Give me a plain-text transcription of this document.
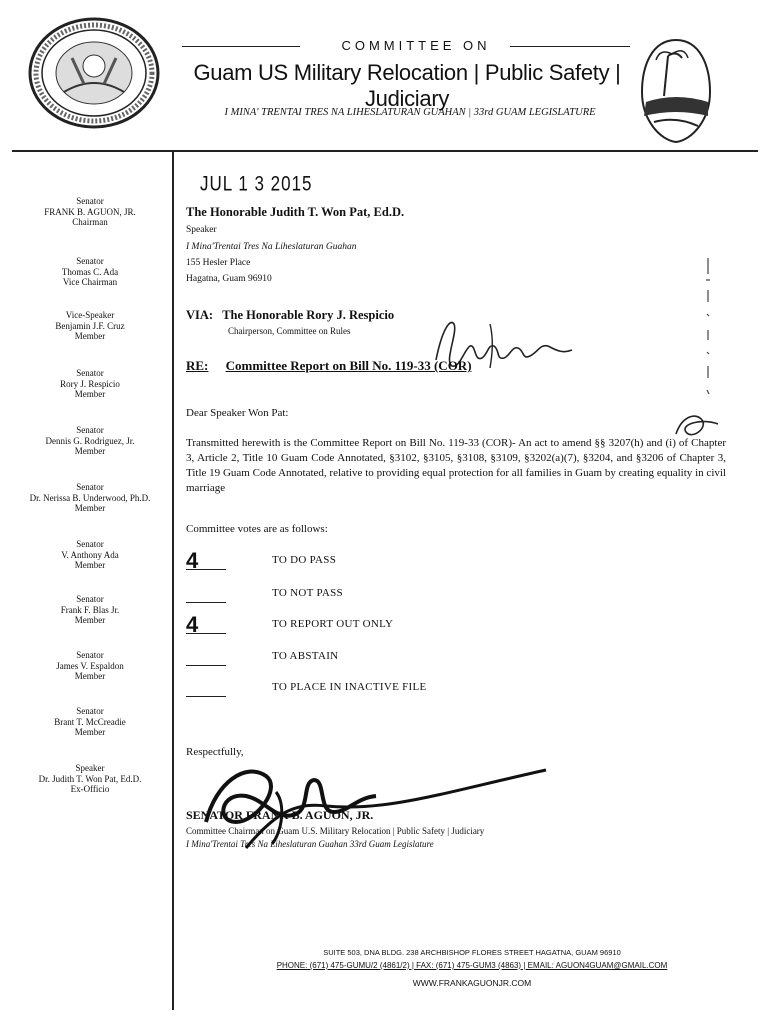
COMMITTEE ON
Guam US Military Relocation | Public Safety | Judiciary
I MINA' TRENTAI TRES NA LIHESLATURAN GUAHAN | 33rd GUAM LEGISLATURE
Senator
FRANK B. AGUON, JR.
Chairman
Senator
Thomas C. Ada
Vice Chairman
Vice-Speaker
Benjamin J.F. Cruz
Member
Senator
Rory J. Respicio
Member
Senator
Dennis G. Rodriguez, Jr.
Member
Senator
Dr. Nerissa B. Underwood, Ph.D.
Member
Senator
V. Anthony Ada
Member
Senator
Frank F. Blas Jr.
Member
Senator
James V. Espaldon
Member
Senator
Brant T. McCreadie
Member
Speaker
Dr. Judith T. Won Pat, Ed.D.
Ex-Officio
JUL 1 3 2015
The Honorable Judith T. Won Pat, Ed.D.
Speaker
I Mina'Trentai Tres Na Liheslaturan Guahan
155 Hesler Place
Hagatna, Guam 96910
VIA: The Honorable Rory J. Respicio
Chairperson, Committee on Rules
RE: Committee Report on Bill No. 119-33 (COR)
Dear Speaker Won Pat:
Transmitted herewith is the Committee Report on Bill No. 119-33 (COR)- An act to amend §§ 3207(h) and (i) of Chapter 3, Article 2, Title 10 Guam Code Annotated, §3102, §3105, §3108, §3109, §3202(a)(7), §3204, and §3206 of Chapter 3, Title 19 Guam Code Annotated, relative to providing equal protection for all families in Guam by creating equality in civil marriage
Committee votes are as follows:
4	TO DO PASS
TO NOT PASS
4	TO REPORT OUT ONLY
TO ABSTAIN
TO PLACE IN INACTIVE FILE
Respectfully,
SENATOR FRANK B. AGUON, JR.
Committee Chairman on Guam U.S. Military Relocation | Public Safety | Judiciary
I Mina'Trentai Tres Na Liheslaturan Guahan 33rd Guam Legislature
SUITE 503, DNA BLDG. 238 ARCHBISHOP FLORES STREET HAGATNA, GUAM 96910
PHONE: (671) 475-GUMU/2 (4861/2) | FAX: (671) 475-GUM3 (4863) | EMAIL: AGUON4GUAM@GMAIL.COM
WWW.FRANKAGUONJR.COM
